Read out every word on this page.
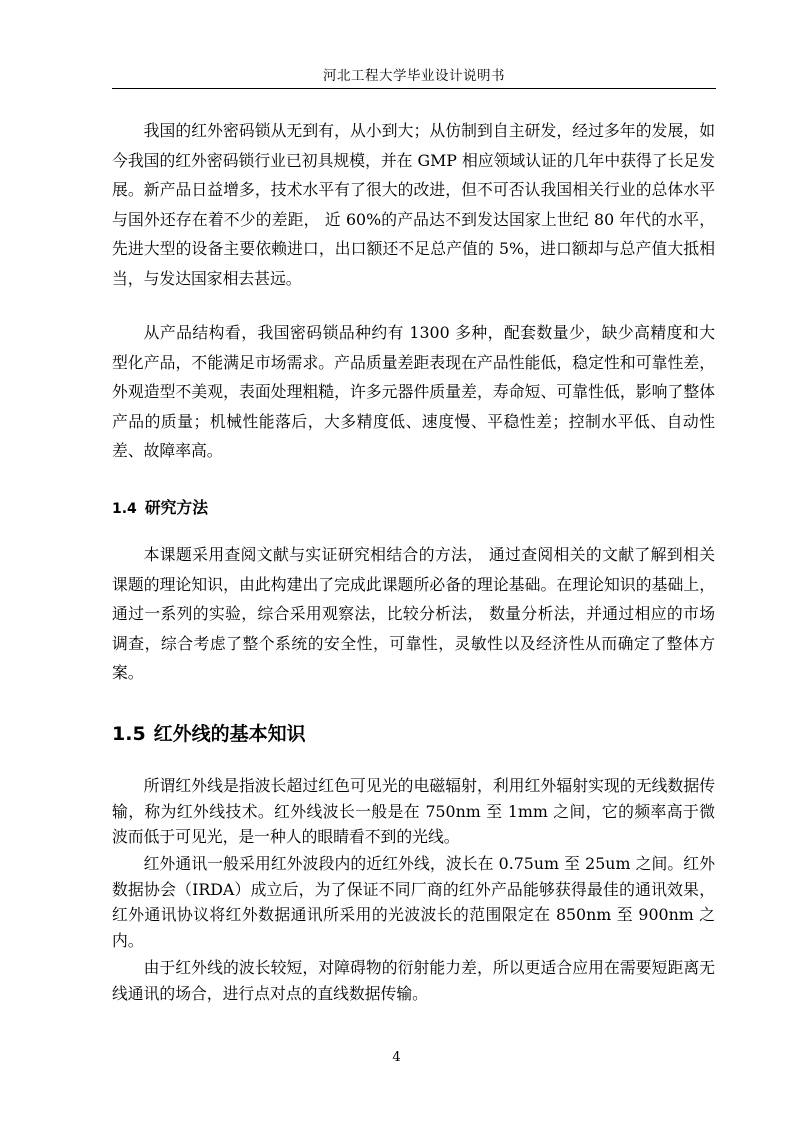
河北工程大学毕业设计说明书

我国的红外密码锁从无到有，从小到大；从仿制到自主研发，经过多年的发展，如今我国的红外密码锁行业已初具规模，并在 GMP 相应领域认证的几年中获得了长足发展。新产品日益增多，技术水平有了很大的改进，但不可否认我国相关行业的总体水平与国外还存在着不少的差距， 近 60%的产品达不到发达国家上世纪 80 年代的水平，先进大型的设备主要依赖进口，出口额还不足总产值的 5%，进口额却与总产值大抵相当，与发达国家相去甚远。

从产品结构看，我国密码锁品种约有 1300 多种，配套数量少，缺少高精度和大型化产品，不能满足市场需求。产品质量差距表现在产品性能低，稳定性和可靠性差，外观造型不美观，表面处理粗糙，许多元器件质量差，寿命短、可靠性低，影响了整体产品的质量；机械性能落后，大多精度低、速度慢、平稳性差；控制水平低、自动性差、故障率高。

1.4 研究方法

本课题采用查阅文献与实证研究相结合的方法， 通过查阅相关的文献了解到相关课题的理论知识，由此构建出了完成此课题所必备的理论基础。在理论知识的基础上，通过一系列的实验，综合采用观察法，比较分析法， 数量分析法，并通过相应的市场调查，综合考虑了整个系统的安全性，可靠性，灵敏性以及经济性从而确定了整体方案。

1.5 红外线的基本知识

所谓红外线是指波长超过红色可见光的电磁辐射，利用红外辐射实现的无线数据传输，称为红外线技术。红外线波长一般是在 750nm 至 1mm 之间，它的频率高于微波而低于可见光，是一种人的眼睛看不到的光线。

红外通讯一般采用红外波段内的近红外线，波长在 0.75um 至 25um 之间。红外数据协会（IRDA）成立后，为了保证不同厂商的红外产品能够获得最佳的通讯效果，红外通讯协议将红外数据通讯所采用的光波波长的范围限定在 850nm 至 900nm 之内。

由于红外线的波长较短，对障碍物的衍射能力差，所以更适合应用在需要短距离无线通讯的场合，进行点对点的直线数据传输。

4
